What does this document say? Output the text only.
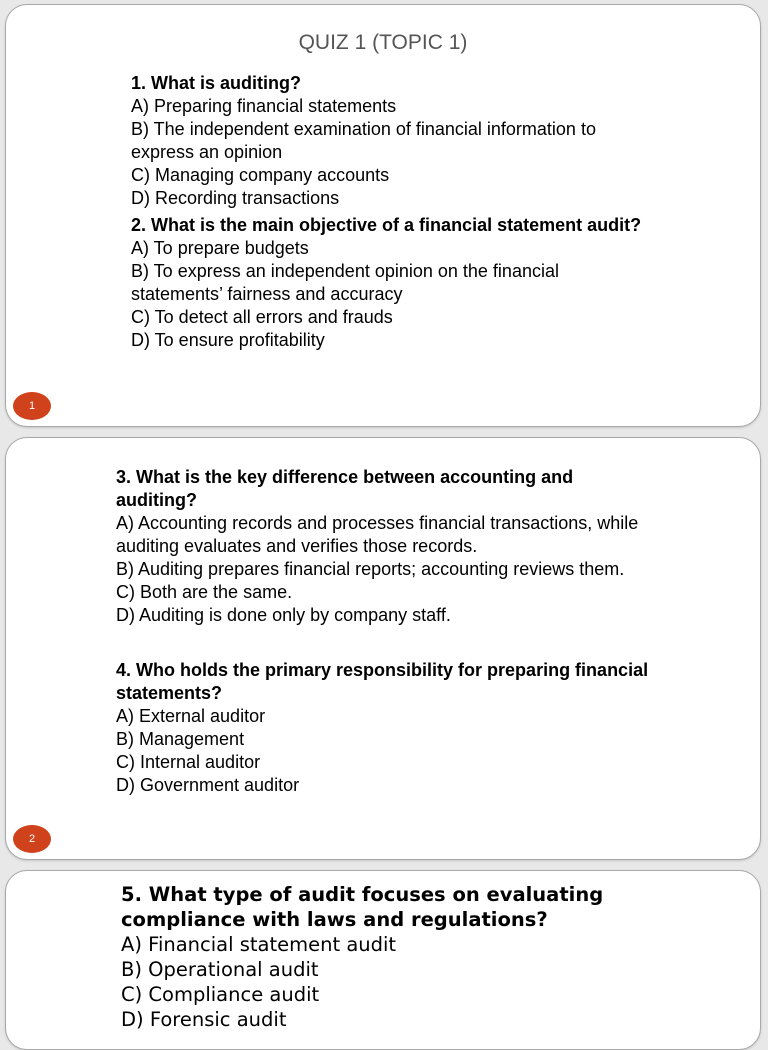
QUIZ 1 (TOPIC 1)

1. What is auditing?

A) Preparing financial statements

B) The independent examination of financial information to express an opinion

C) Managing company accounts

D) Recording transactions

2. What is the main objective of a financial statement audit?

A) To prepare budgets

B) To express an independent opinion on the financial statements’ fairness and accuracy

C) To detect all errors and frauds

D) To ensure profitability

1

3. What is the key difference between accounting and auditing?

A) Accounting records and processes financial transactions, while auditing evaluates and verifies those records.

B) Auditing prepares financial reports; accounting reviews them.

C) Both are the same.

D) Auditing is done only by company staff.

4. Who holds the primary responsibility for preparing financial statements?

A) External auditor

B) Management

C) Internal auditor

D) Government auditor

2

5. What type of audit focuses on evaluating compliance with laws and regulations?

A) Financial statement audit

B) Operational audit

C) Compliance audit

D) Forensic audit
